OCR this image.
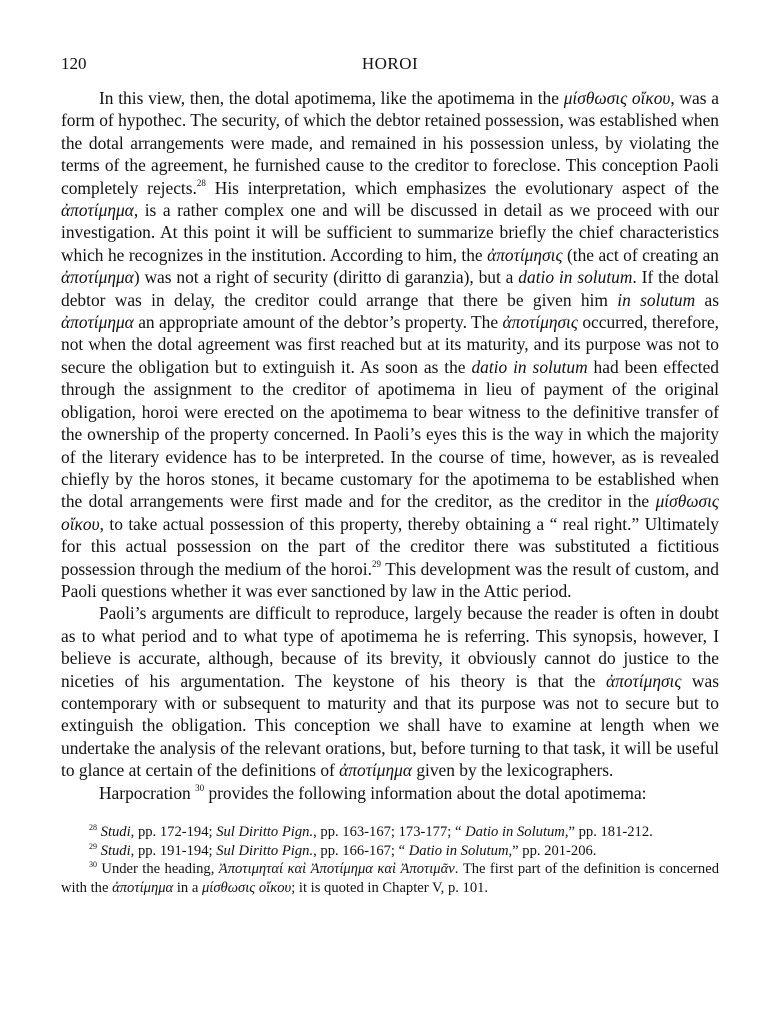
120	HOROI

In this view, then, the dotal apotimema, like the apotimema in the μίσθωσις οἴκου, was a form of hypothec. The security, of which the debtor retained possession, was established when the dotal arrangements were made, and remained in his possession unless, by violating the terms of the agreement, he furnished cause to the creditor to foreclose. This conception Paoli completely rejects.$^{28}$ His interpretation, which emphasizes the evolutionary aspect of the ἀποτίμημα, is a rather complex one and will be discussed in detail as we proceed with our investigation. At this point it will be sufficient to summarize briefly the chief characteristics which he recognizes in the institution. According to him, the ἀποτίμησις (the act of creating an ἀποτίμημα) was not a right of security (diritto di garanzia), but a datio in solutum. If the dotal debtor was in delay, the creditor could arrange that there be given him in solutum as ἀποτίμημα an appropriate amount of the debtor’s property. The ἀποτίμησις occurred, therefore, not when the dotal agreement was first reached but at its maturity, and its purpose was not to secure the obligation but to extinguish it. As soon as the datio in solutum had been effected through the assignment to the creditor of apotimema in lieu of payment of the original obligation, horoi were erected on the apotimema to bear witness to the definitive transfer of the ownership of the property concerned. In Paoli’s eyes this is the way in which the majority of the literary evidence has to be interpreted. In the course of time, however, as is revealed chiefly by the horos stones, it became customary for the apotimema to be established when the dotal arrangements were first made and for the creditor, as the creditor in the μίσθωσις οἴκου, to take actual possession of this property, thereby obtaining a “ real right.” Ultimately for this actual possession on the part of the creditor there was substituted a fictitious possession through the medium of the horoi.$^{29}$ This development was the result of custom, and Paoli questions whether it was ever sanctioned by law in the Attic period.

Paoli’s arguments are difficult to reproduce, largely because the reader is often in doubt as to what period and to what type of apotimema he is referring. This synopsis, however, I believe is accurate, although, because of its brevity, it obviously cannot do justice to the niceties of his argumentation. The keystone of his theory is that the ἀποτίμησις was contemporary with or subsequent to maturity and that its purpose was not to secure but to extinguish the obligation. This conception we shall have to examine at length when we undertake the analysis of the relevant orations, but, before turning to that task, it will be useful to glance at certain of the definitions of ἀποτίμημα given by the lexicographers.

Harpocration $^{30}$ provides the following information about the dotal apotimema:

$^{28}$ Studi, pp. 172-194; Sul Diritto Pign., pp. 163-167; 173-177; “ Datio in Solutum,” pp. 181-212.

$^{29}$ Studi, pp. 191-194; Sul Diritto Pign., pp. 166-167; “ Datio in Solutum,” pp. 201-206.

$^{30}$ Under the heading, Ἀποτιμηταί καὶ Ἀποτίμημα καὶ Ἀποτιμᾶν. The first part of the definition is concerned with the ἀποτίμημα in a μίσθωσις οἴκου; it is quoted in Chapter V, p. 101.
